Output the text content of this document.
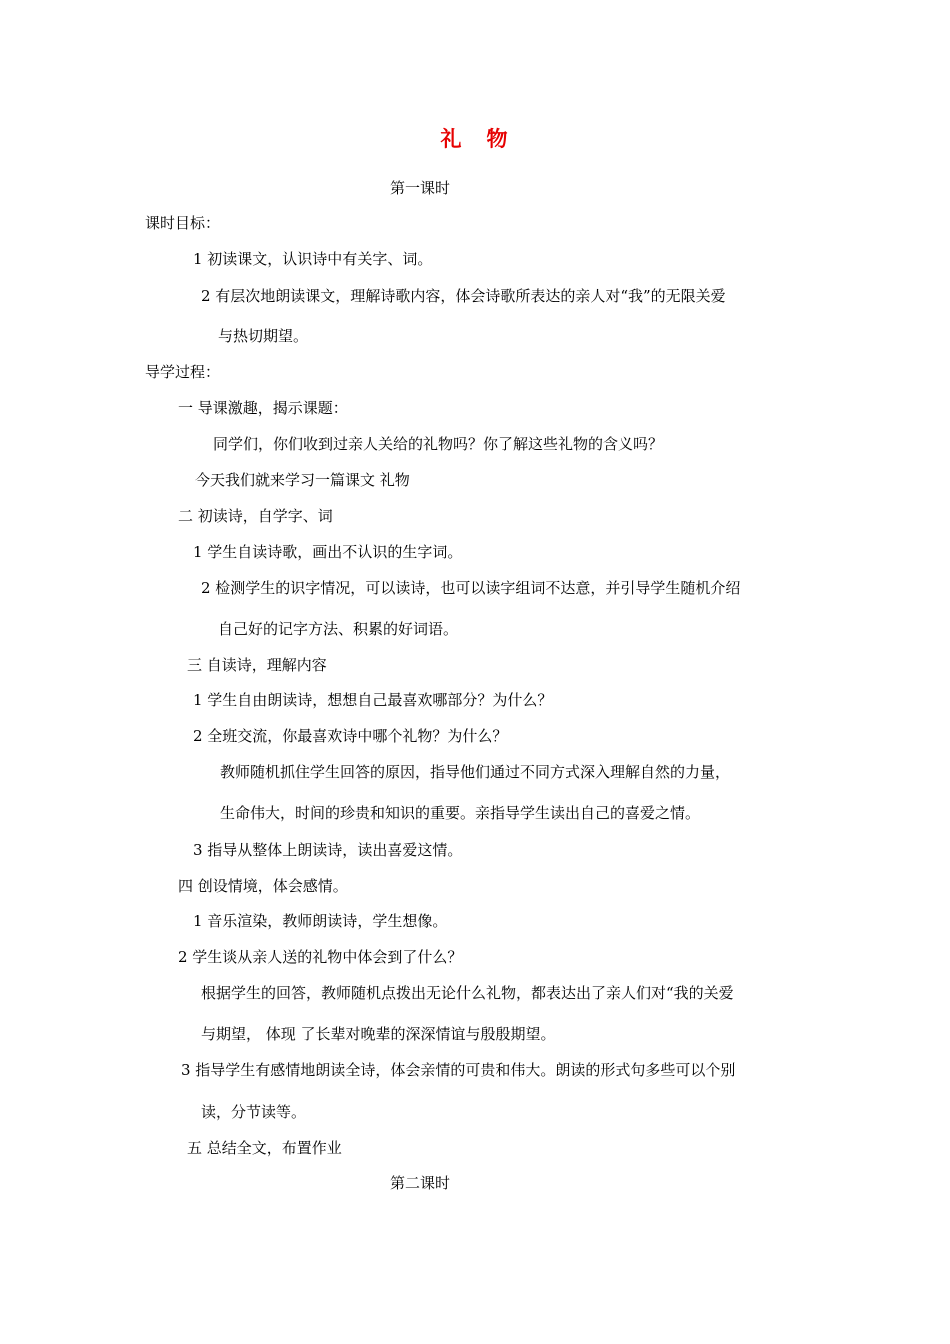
礼　物
第一课时
课时目标：
1 初读课文，认识诗中有关字、词。
2 有层次地朗读课文，理解诗歌内容，体会诗歌所表达的亲人对“我”的无限关爱
与热切期望。
导学过程：
一 导课激趣，揭示课题：
同学们，你们收到过亲人关给的礼物吗？你了解这些礼物的含义吗？
今天我们就来学习一篇课文 礼物
二 初读诗，自学字、词
1 学生自读诗歌，画出不认识的生字词。
2 检测学生的识字情况，可以读诗，也可以读字组词不达意，并引导学生随机介绍
自己好的记字方法、积累的好词语。
三 自读诗，理解内容
1 学生自由朗读诗，想想自己最喜欢哪部分？为什么？
2 全班交流，你最喜欢诗中哪个礼物？为什么？
教师随机抓住学生回答的原因，指导他们通过不同方式深入理解自然的力量，
生命伟大，时间的珍贵和知识的重要。亲指导学生读出自己的喜爱之情。
3 指导从整体上朗读诗，读出喜爱这情。
四 创设情境，体会感情。
1 音乐渲染，教师朗读诗，学生想像。
2 学生谈从亲人送的礼物中体会到了什么？
根据学生的回答，教师随机点拨出无论什么礼物，都表达出了亲人们对“我的关爱
与期望， 体现 了长辈对晚辈的深深情谊与殷殷期望。
3 指导学生有感情地朗读全诗，体会亲情的可贵和伟大。朗读的形式句多些可以个别
读，分节读等。
五 总结全文，布置作业
第二课时
